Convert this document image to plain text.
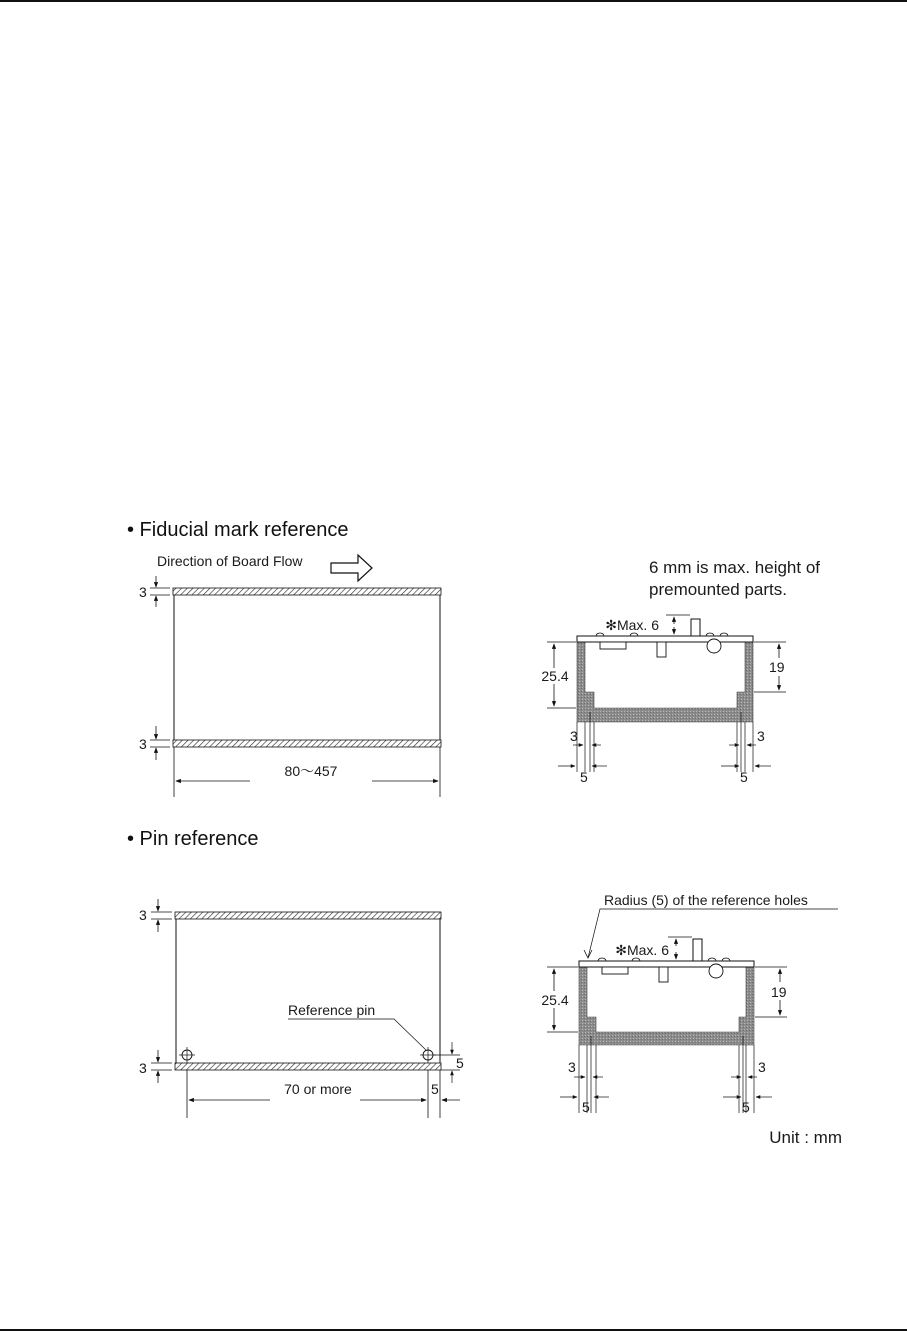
• Fiducial mark reference
• Pin reference
Direction of Board Flow
3
3
80～457
6 mm is max. height of
premounted parts.
✻Max. 6
25.4
19
3
5
3
5
3
3
Reference pin
5
70 or more	5
Radius (5) of the reference holes
✻Max. 6
25.4	19
3
5
3
5
Unit : mm
